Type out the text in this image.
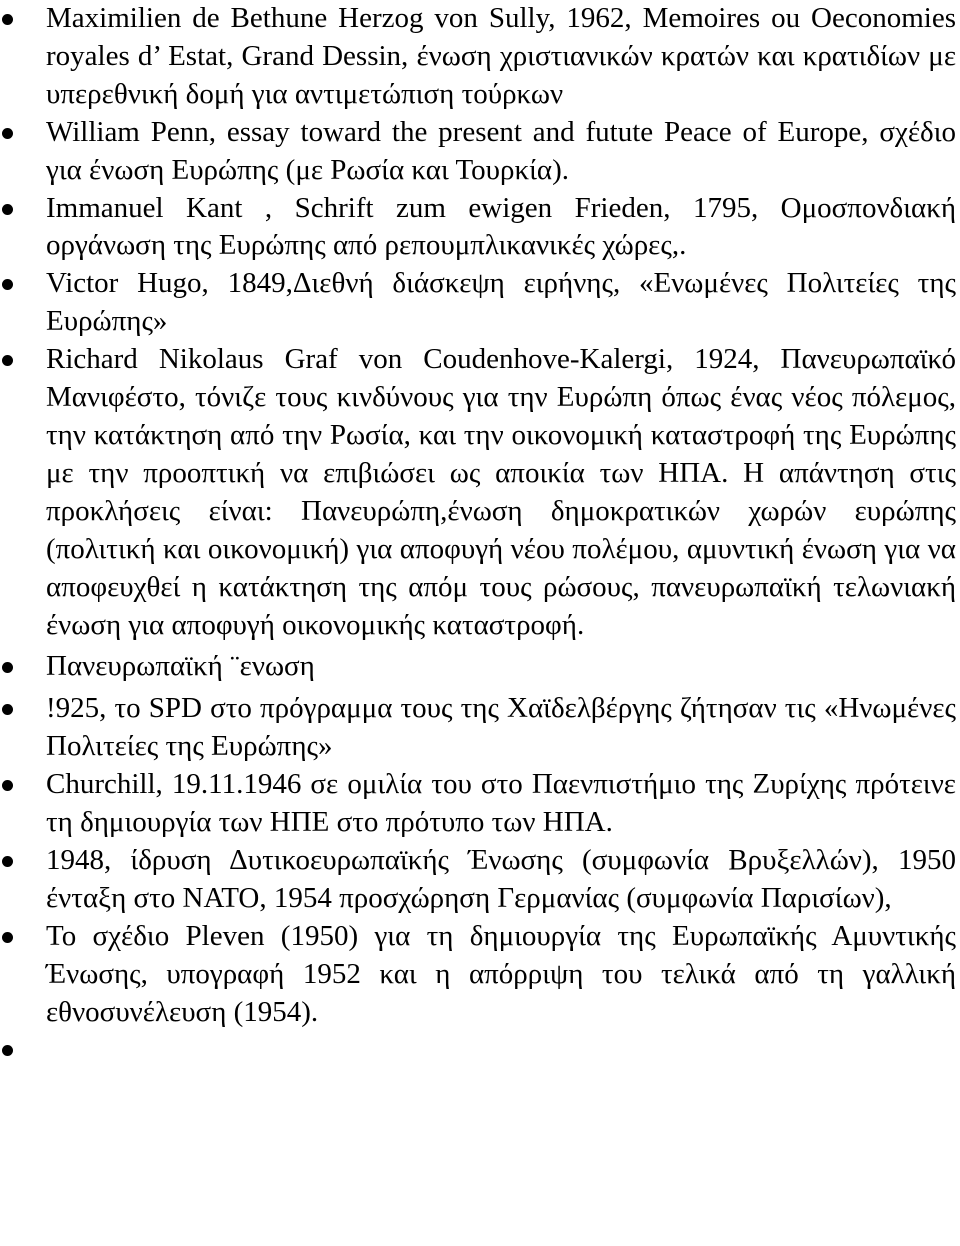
Maximilien de Bethune Herzog von Sully, 1962, Memoires ou Oeconomies royales d’ Estat, Grand Dessin, ένωση χριστιανικών κρατών και κρατιδίων με υπερεθνική δομή για αντιμετώπιση τούρκων
William Penn, essay toward the present and futute Peace of Europe, σχέδιο για ένωση Ευρώπης (με Ρωσία και Τουρκία).
Immanuel Kant , Schrift zum ewigen Frieden, 1795, Ομοσπονδιακή οργάνωση της Ευρώπης από ρεπουμπλικανικές χώρες,.
Victor Hugo, 1849,Διεθνή διάσκεψη ειρήνης, «Ενωμένες Πολιτείες της Ευρώπης»
Richard Nikolaus Graf von Coudenhove-Kalergi, 1924, Πανευρωπαϊκό Μανιφέστο, τόνιζε τους κινδύνους για την Ευρώπη όπως ένας νέος πόλεμος, την κατάκτηση από την Ρωσία, και την οικονομική καταστροφή της Ευρώπης με την προοπτική να επιβιώσει ως αποικία των ΗΠΑ. Η απάντηση στις προκλήσεις είναι: Πανευρώπη,ένωση δημοκρατικών χωρών ευρώπης (πολιτική και οικονομική) για αποφυγή νέου πολέμου, αμυντική ένωση για να αποφευχθεί η κατάκτηση της απόμ τους ρώσους, πανευρωπαϊκή τελωνιακή ένωση για αποφυγή οικονομικής καταστροφή.
Πανευρωπαϊκή ¨ενωση
!925, το SPD στο πρόγραμμα τους της Χαϊδελβέργης ζήτησαν τις «Ηνωμένες Πολιτείες της Ευρώπης»
Churchill, 19.11.1946 σε ομιλία του στο Παενπιστήμιο της Ζυρίχης πρότεινε τη δημιουργία των ΗΠΕ στο πρότυπο των ΗΠΑ.
1948, ίδρυση Δυτικοευρωπαϊκής Ένωσης (συμφωνία Βρυξελλών), 1950 ένταξη στο ΝΑΤΟ, 1954 προσχώρηση Γερμανίας (συμφωνία Παρισίων),
Το σχέδιο Pleven (1950) για τη δημιουργία της Ευρωπαϊκής Αμυντικής Ένωσης, υπογραφή 1952 και η απόρριψη του τελικά από τη γαλλική εθνοσυνέλευση (1954).
